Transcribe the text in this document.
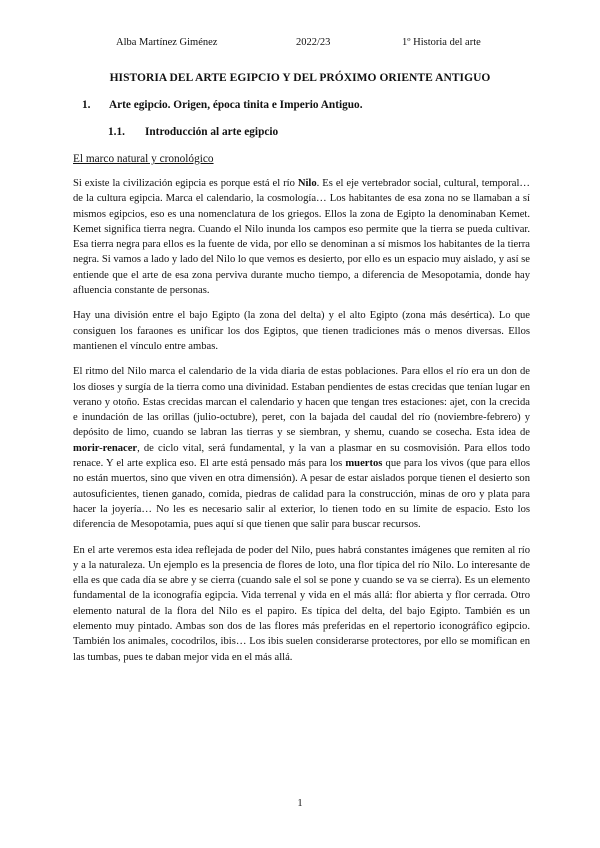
Alba Martínez Giménez	2022/23	1º Historia del arte
HISTORIA DEL ARTE EGIPCIO Y DEL PRÓXIMO ORIENTE ANTIGUO
1. Arte egipcio. Origen, época tinita e Imperio Antiguo.
1.1. Introducción al arte egipcio
El marco natural y cronológico

Si existe la civilización egipcia es porque está el río Nilo. Es el eje vertebrador social, cultural, temporal… de la cultura egipcia. Marca el calendario, la cosmología… Los habitantes de esa zona no se llamaban a sí mismos egipcios, eso es una nomenclatura de los griegos. Ellos la zona de Egipto la denominaban Kemet. Kemet significa tierra negra. Cuando el Nilo inunda los campos eso permite que la tierra se pueda cultivar. Esa tierra negra para ellos es la fuente de vida, por ello se denominan a sí mismos los habitantes de la tierra negra. Si vamos a lado y lado del Nilo lo que vemos es desierto, por ello es un espacio muy aislado, y así se entiende que el arte de esa zona perviva durante mucho tiempo, a diferencia de Mesopotamia, donde hay afluencia constante de personas.

Hay una división entre el bajo Egipto (la zona del delta) y el alto Egipto (zona más desértica). Lo que consiguen los faraones es unificar los dos Egiptos, que tienen tradiciones más o menos diversas. Ellos mantienen el vínculo entre ambas.

El ritmo del Nilo marca el calendario de la vida diaria de estas poblaciones. Para ellos el río era un don de los dioses y surgía de la tierra como una divinidad. Estaban pendientes de estas crecidas que tenían lugar en verano y otoño. Estas crecidas marcan el calendario y hacen que tengan tres estaciones: ajet, con la crecida e inundación de las orillas (julio-octubre), peret, con la bajada del caudal del río (noviembre-febrero) y depósito de limo, cuando se labran las tierras y se siembran, y shemu, cuando se cosecha. Esta idea de morir-renacer, de ciclo vital, será fundamental, y la van a plasmar en su cosmovisión. Para ellos todo renace. Y el arte explica eso. El arte está pensado más para los muertos que para los vivos (que para ellos no están muertos, sino que viven en otra dimensión). A pesar de estar aislados porque tienen el desierto son autosuficientes, tienen ganado, comida, piedras de calidad para la construcción, minas de oro y plata para hacer la joyería… No les es necesario salir al exterior, lo tienen todo en su límite de espacio. Esto los diferencia de Mesopotamia, pues aquí sí que tienen que salir para buscar recursos.

En el arte veremos esta idea reflejada de poder del Nilo, pues habrá constantes imágenes que remiten al río y a la naturaleza. Un ejemplo es la presencia de flores de loto, una flor típica del río Nilo. Lo interesante de ella es que cada día se abre y se cierra (cuando sale el sol se pone y cuando se va se cierra). Es un elemento fundamental de la iconografía egipcia. Vida terrenal y vida en el más allá: flor abierta y flor cerrada. Otro elemento natural de la flora del Nilo es el papiro. Es típica del delta, del bajo Egipto. También es un elemento muy pintado. Ambas son dos de las flores más preferidas en el repertorio iconográfico egipcio. También los animales, cocodrilos, ibis… Los ibis suelen considerarse protectores, por ello se momifican en las tumbas, pues te daban mejor vida en el más allá.

1
